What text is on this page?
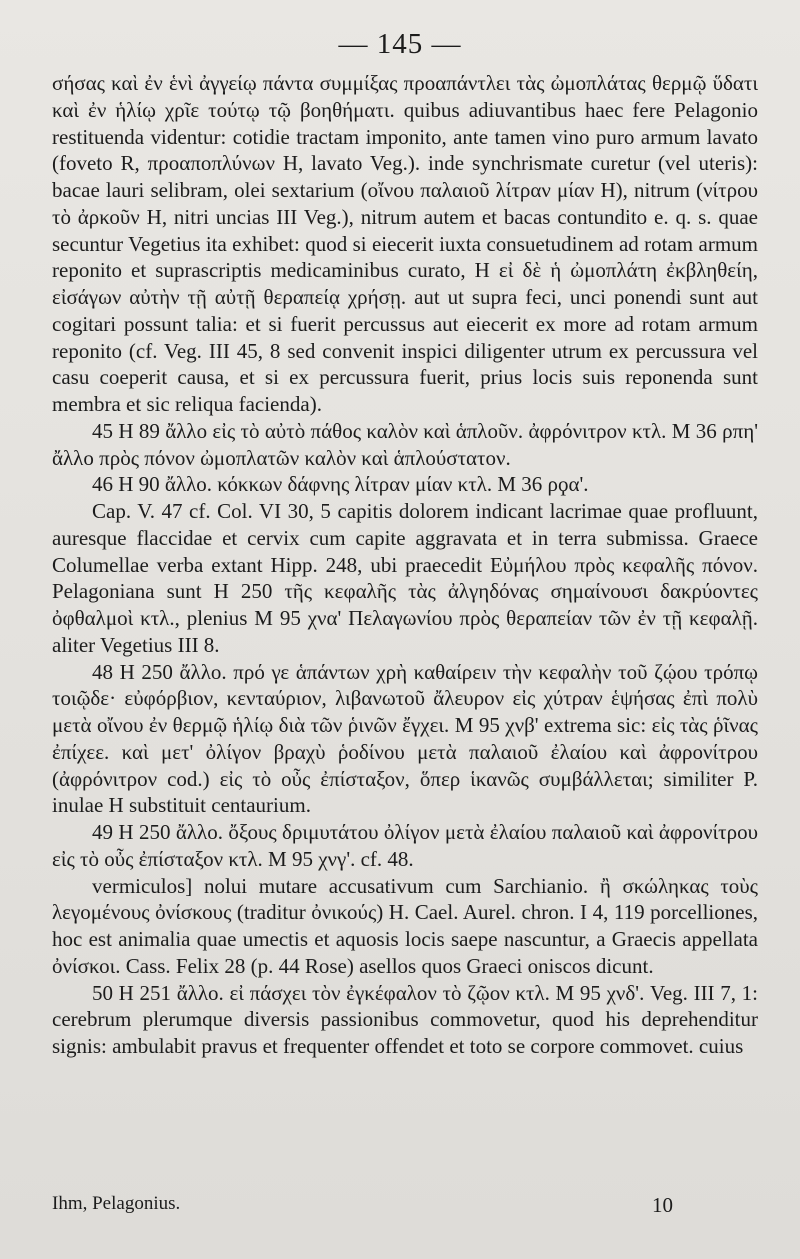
— 145 —

σήσας καὶ ἐν ἑνὶ ἀγγείῳ πάντα συμμίξας προαπάντλει τὰς ὠμοπλάτας θερμῷ ὕδατι καὶ ἐν ἡλίῳ χρῖε τούτῳ τῷ βοηθήματι. quibus adiuvantibus haec fere Pelagonio restituenda videntur: cotidie tractam imponito, ante tamen vino puro armum lavato (foveto R, προαποπλύνων H, lavato Veg.). inde synchrismate curetur (vel uteris): bacae lauri selibram, olei sextarium (οἴνου παλαιοῦ λίτραν μίαν H), nitrum (νίτρου τὸ ἀρκοῦν H, nitri uncias III Veg.), nitrum autem et bacas contundito e. q. s. quae secuntur Vegetius ita exhibet: quod si eiecerit iuxta consuetudinem ad rotam armum reponito et suprascriptis medicaminibus curato, H εἰ δὲ ἡ ὠμοπλάτη ἐκβληθείη, εἰσάγων αὐτὴν τῇ αὐτῇ θεραπείᾳ χρήσῃ. aut ut supra feci, unci ponendi sunt aut cogitari possunt talia: et si fuerit percussus aut eiecerit ex more ad rotam armum reponito (cf. Veg. III 45, 8 sed convenit inspici diligenter utrum ex percussura vel casu coeperit causa, et si ex percussura fuerit, prius locis suis reponenda sunt membra et sic reliqua facienda).

45 H 89 ἄλλο εἰς τὸ αὐτὸ πάθος καλὸν καὶ ἁπλοῦν. ἀφρόνιτρον κτλ. M 36 ρπη' ἄλλο πρὸς πόνον ὠμοπλατῶν καλὸν καὶ ἁπλούστατον.

46 H 90 ἄλλο. κόκκων δάφνης λίτραν μίαν κτλ. M 36 ρϙα'.

Cap. V. 47 cf. Col. VI 30, 5 capitis dolorem indicant lacrimae quae profluunt, auresque flaccidae et cervix cum capite aggravata et in terra submissa. Graece Columellae verba extant Hipp. 248, ubi praecedit Εὐμήλου πρὸς κεφαλῆς πόνον. Pelagoniana sunt H 250 τῆς κεφαλῆς τὰς ἀλγηδόνας σημαίνουσι δακρύοντες ὀφθαλμοὶ κτλ., plenius M 95 χνα' Πελαγωνίου πρὸς θεραπείαν τῶν ἐν τῇ κεφαλῇ. aliter Vegetius III 8.

48 H 250 ἄλλο. πρό γε ἁπάντων χρὴ καθαίρειν τὴν κεφαλὴν τοῦ ζῴου τρόπῳ τοιῷδε· εὐφόρβιον, κενταύριον, λιβανωτοῦ ἄλευρον εἰς χύτραν ἑψήσας ἐπὶ πολὺ μετὰ οἴνου ἐν θερμῷ ἡλίῳ διὰ τῶν ῥινῶν ἔγχει. M 95 χνβ' extrema sic: εἰς τὰς ῥῖνας ἐπίχεε. καὶ μετ' ὀλίγον βραχὺ ῥοδίνου μετὰ παλαιοῦ ἐλαίου καὶ ἀφρονίτρου (ἀφρόνιτρον cod.) εἰς τὸ οὖς ἐπίσταξον, ὅπερ ἱκανῶς συμβάλλεται; similiter P. inulae H substituit centaurium.

49 H 250 ἄλλο. ὄξους δριμυτάτου ὀλίγον μετὰ ἐλαίου παλαιοῦ καὶ ἀφρονίτρου εἰς τὸ οὖς ἐπίσταξον κτλ. M 95 χνγ'. cf. 48.

vermiculos] nolui mutare accusativum cum Sarchianio. ἢ σκώληκας τοὺς λεγομένους ὀνίσκους (traditur ὀνικούς) H. Cael. Aurel. chron. I 4, 119 porcelliones, hoc est animalia quae umectis et aquosis locis saepe nascuntur, a Graecis appellata ὀνίσκοι. Cass. Felix 28 (p. 44 Rose) asellos quos Graeci oniscos dicunt.

50 H 251 ἄλλο. εἰ πάσχει τὸν ἐγκέφαλον τὸ ζῷον κτλ. M 95 χνδ'. Veg. III 7, 1: cerebrum plerumque diversis passionibus commovetur, quod his deprehenditur signis: ambulabit pravus et frequenter offendet et toto se corpore commovet. cuius

Ihm, Pelagonius.	10
